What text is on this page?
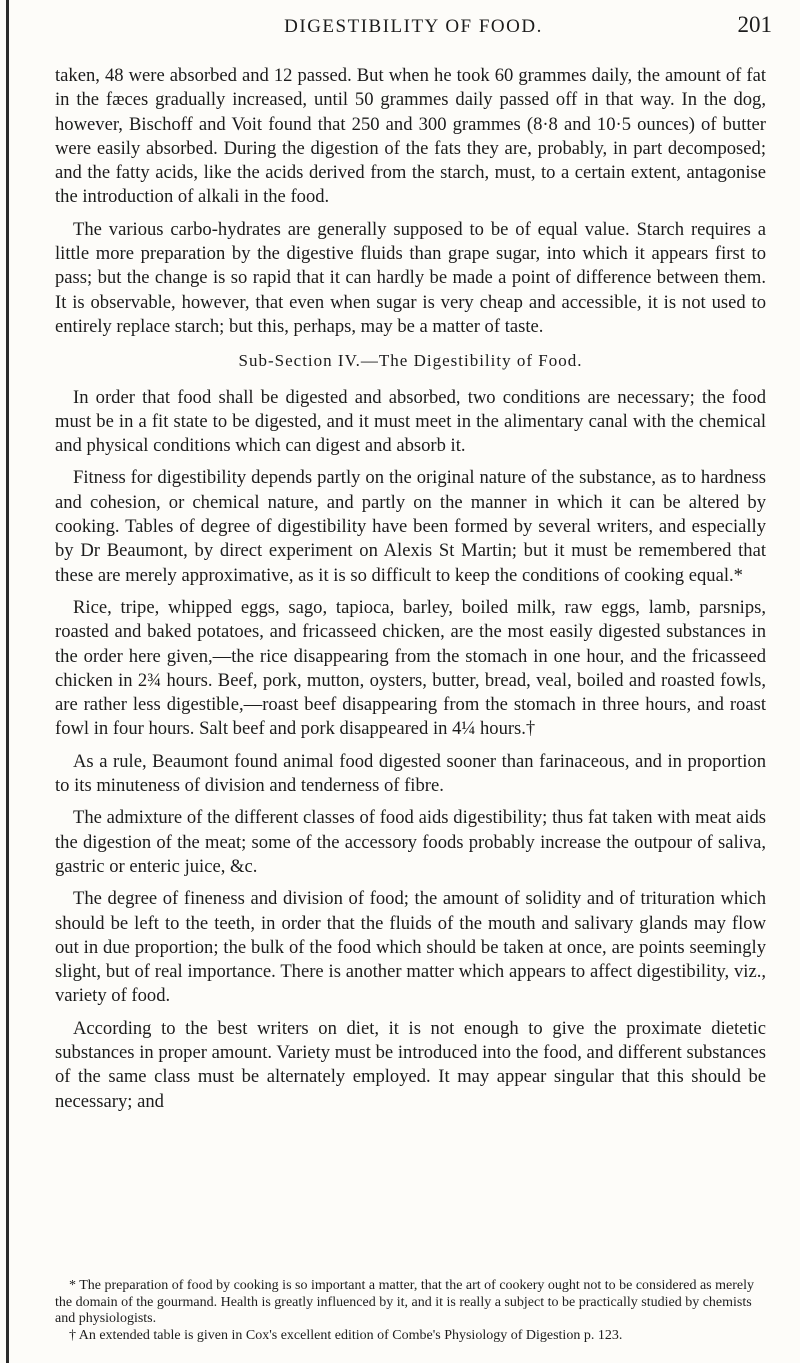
DIGESTIBILITY OF FOOD.	201

taken, 48 were absorbed and 12 passed. But when he took 60 grammes daily, the amount of fat in the fæces gradually increased, until 50 grammes daily passed off in that way. In the dog, however, Bischoff and Voit found that 250 and 300 grammes (8·8 and 10·5 ounces) of butter were easily absorbed. During the digestion of the fats they are, probably, in part decomposed; and the fatty acids, like the acids derived from the starch, must, to a certain extent, antagonise the introduction of alkali in the food.

The various carbo-hydrates are generally supposed to be of equal value. Starch requires a little more preparation by the digestive fluids than grape sugar, into which it appears first to pass; but the change is so rapid that it can hardly be made a point of difference between them. It is observable, however, that even when sugar is very cheap and accessible, it is not used to entirely replace starch; but this, perhaps, may be a matter of taste.

Sub-Section IV.—The Digestibility of Food.

In order that food shall be digested and absorbed, two conditions are necessary; the food must be in a fit state to be digested, and it must meet in the alimentary canal with the chemical and physical conditions which can digest and absorb it.

Fitness for digestibility depends partly on the original nature of the substance, as to hardness and cohesion, or chemical nature, and partly on the manner in which it can be altered by cooking. Tables of degree of digestibility have been formed by several writers, and especially by Dr Beaumont, by direct experiment on Alexis St Martin; but it must be remembered that these are merely approximative, as it is so difficult to keep the conditions of cooking equal.*

Rice, tripe, whipped eggs, sago, tapioca, barley, boiled milk, raw eggs, lamb, parsnips, roasted and baked potatoes, and fricasseed chicken, are the most easily digested substances in the order here given,—the rice disappearing from the stomach in one hour, and the fricasseed chicken in 2¾ hours. Beef, pork, mutton, oysters, butter, bread, veal, boiled and roasted fowls, are rather less digestible,—roast beef disappearing from the stomach in three hours, and roast fowl in four hours. Salt beef and pork disappeared in 4¼ hours.†

As a rule, Beaumont found animal food digested sooner than farinaceous, and in proportion to its minuteness of division and tenderness of fibre.

The admixture of the different classes of food aids digestibility; thus fat taken with meat aids the digestion of the meat; some of the accessory foods probably increase the outpour of saliva, gastric or enteric juice, &c.

The degree of fineness and division of food; the amount of solidity and of trituration which should be left to the teeth, in order that the fluids of the mouth and salivary glands may flow out in due proportion; the bulk of the food which should be taken at once, are points seemingly slight, but of real importance. There is another matter which appears to affect digestibility, viz., variety of food.

According to the best writers on diet, it is not enough to give the proximate dietetic substances in proper amount. Variety must be introduced into the food, and different substances of the same class must be alternately employed. It may appear singular that this should be necessary; and

* The preparation of food by cooking is so important a matter, that the art of cookery ought not to be considered as merely the domain of the gourmand. Health is greatly influenced by it, and it is really a subject to be practically studied by chemists and physiologists.

† An extended table is given in Cox's excellent edition of Combe's Physiology of Digestion p. 123.
